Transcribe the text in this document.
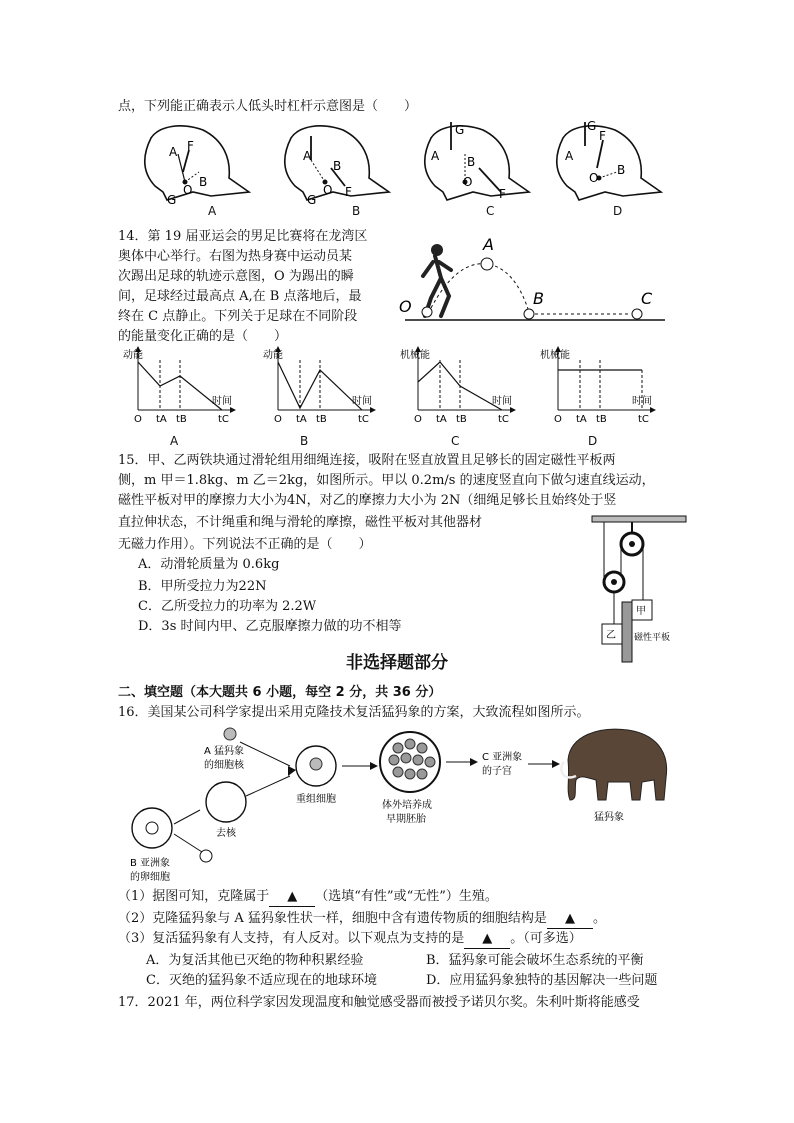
点，下列能正确表示人低头时杠杆示意图是（　　）
A F
B
O
G
A
B
O F
G
G
A B
O
F
G
F
A
B
O
A	B	C	D
14．第 19 届亚运会的男足比赛将在龙湾区
奥体中心举行。右图为热身赛中运动员某
次踢出足球的轨迹示意图，O 为踢出的瞬
间，足球经过最高点 A,在 B 点落地后，最
终在 C 点静止。下列关于足球在不同阶段
的能量变化正确的是（　　）
O
A
B	C
动能
时间
O tA tB	tC
动能
时间
O tA tB	tC
机械能
时间
O tA tB	tC
机械能
时间
O tA tB	tC
A	B	C	D
15．甲、乙两铁块通过滑轮组用细绳连接，吸附在竖直放置且足够长的固定磁性平板两
侧，m 甲＝1.8kg、m 乙＝2kg，如图所示。甲以 0.2m/s 的速度竖直向下做匀速直线运动，
磁性平板对甲的摩擦力大小为4N，对乙的摩擦力大小为 2N（细绳足够长且始终处于竖
直拉伸状态，不计绳重和绳与滑轮的摩擦，磁性平板对其他器材
无磁力作用）。下列说法不正确的是（　　）
A．动滑轮质量为 0.6kg
B．甲所受拉力为22N
C．乙所受拉力的功率为 2.2W
D．3s 时间内甲、乙克服摩擦力做的功不相等
甲
乙 磁性平板
非选择题部分
二、填空题（本大题共 6 小题，每空 2 分，共 36 分）
16．美国某公司科学家提出采用克隆技术复活猛犸象的方案，大致流程如图所示。
A 猛犸象
的细胞核
B 亚洲象
的卵细胞
去核
重组细胞
体外培养成
早期胚胎
C 亚洲象
的子宫
猛犸象
（1）据图可知，克隆属于 ▲ （选填“有性”或“无性”）生殖。
（2）克隆猛犸象与 A 猛犸象性状一样，细胞中含有遗传物质的细胞结构是 ▲ 。
（3）复活猛犸象有人支持，有人反对。以下观点为支持的是 ▲ 。（可多选）
A．为复活其他已灭绝的物种积累经验	B．猛犸象可能会破坏生态系统的平衡
C．灭绝的猛犸象不适应现在的地球环境	D．应用猛犸象独特的基因解决一些问题
17．2021 年，两位科学家因发现温度和触觉感受器而被授予诺贝尔奖。朱利叶斯将能感受
